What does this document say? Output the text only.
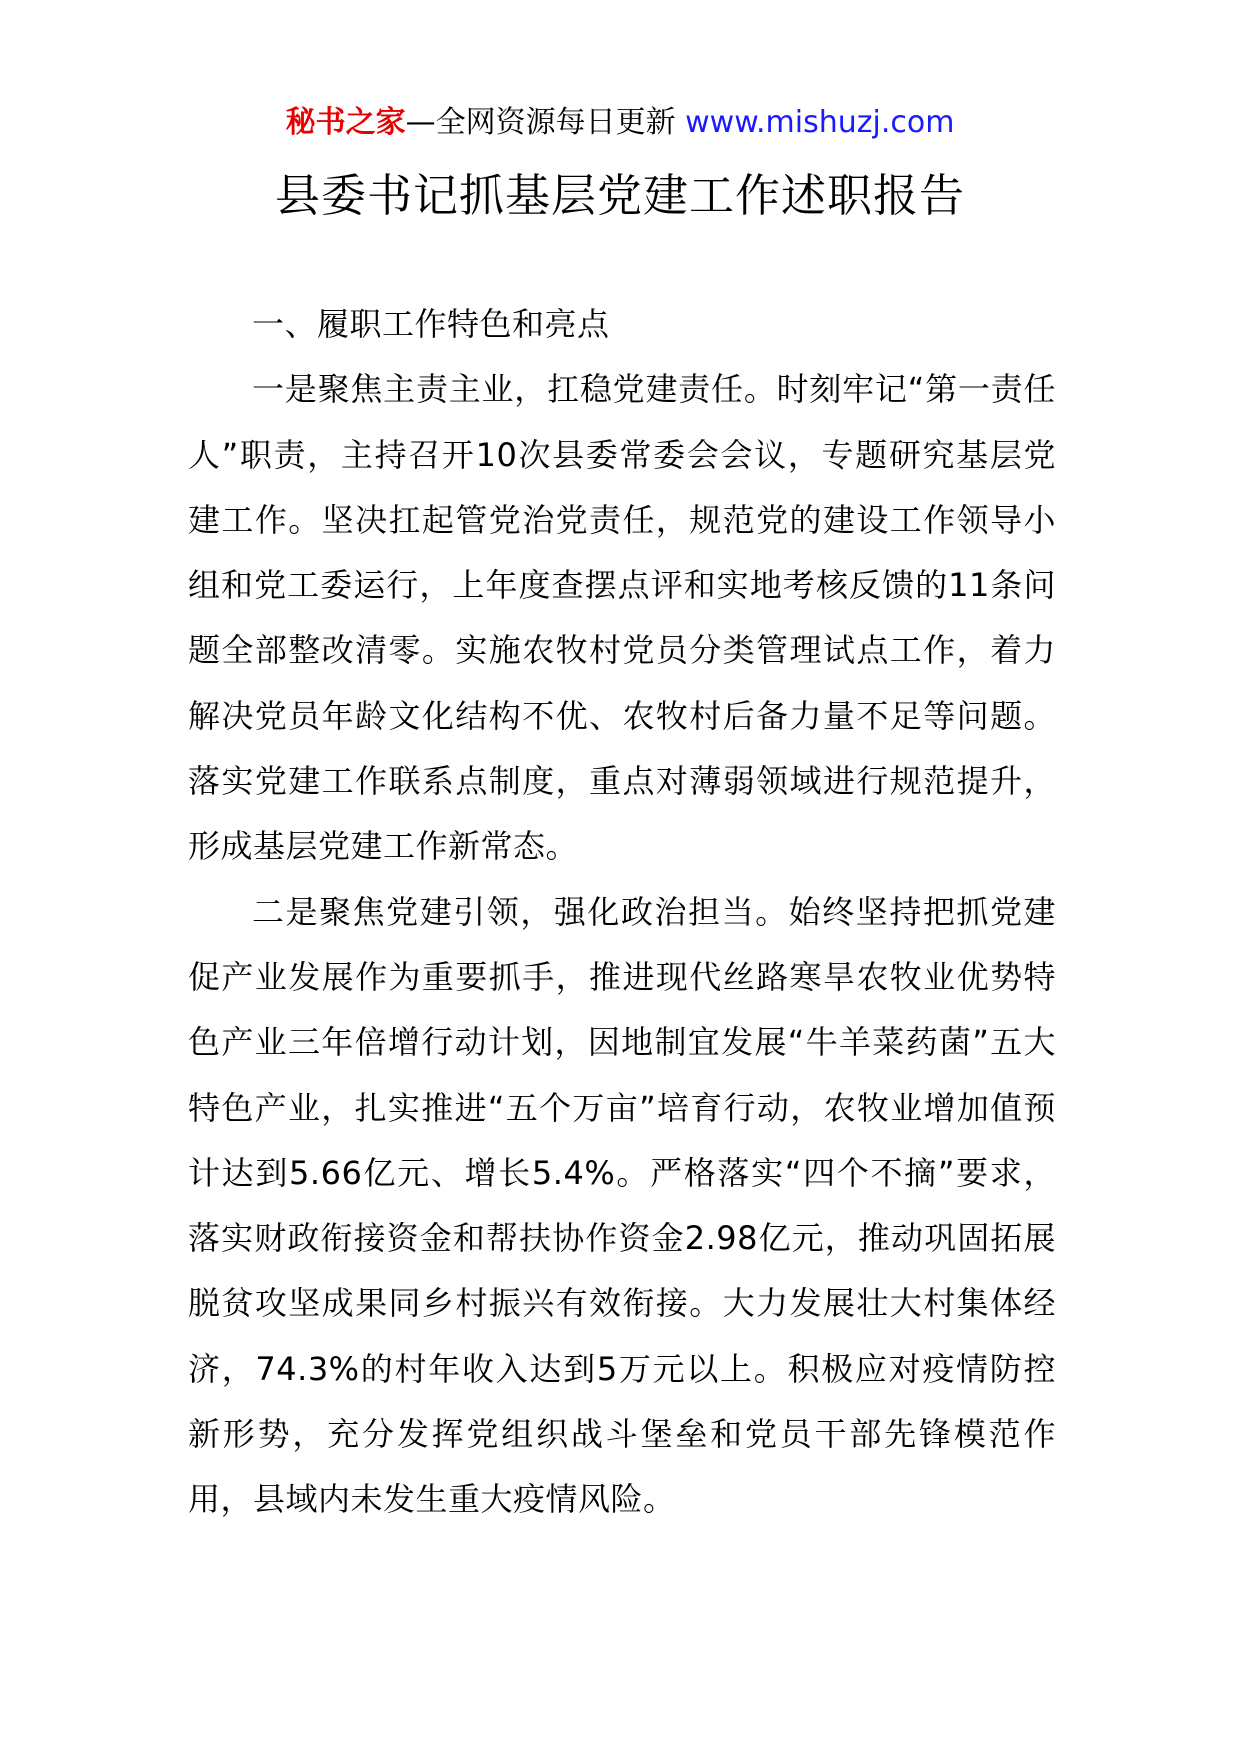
秘书之家—全网资源每日更新 www.mishuzj.com
县委书记抓基层党建工作述职报告

一、履职工作特色和亮点

一是聚焦主责主业，扛稳党建责任。时刻牢记“第一责任人”职责，主持召开10次县委常委会会议，专题研究基层党建工作。坚决扛起管党治党责任，规范党的建设工作领导小组和党工委运行，上年度查摆点评和实地考核反馈的11条问题全部整改清零。实施农牧村党员分类管理试点工作，着力解决党员年龄文化结构不优、农牧村后备力量不足等问题。落实党建工作联系点制度，重点对薄弱领域进行规范提升，形成基层党建工作新常态。

二是聚焦党建引领，强化政治担当。始终坚持把抓党建促产业发展作为重要抓手，推进现代丝路寒旱农牧业优势特色产业三年倍增行动计划，因地制宜发展“牛羊菜药菌”五大特色产业，扎实推进“五个万亩”培育行动，农牧业增加值预计达到5.66亿元、增长5.4%。严格落实“四个不摘”要求，落实财政衔接资金和帮扶协作资金2.98亿元，推动巩固拓展脱贫攻坚成果同乡村振兴有效衔接。大力发展壮大村集体经济，74.3%的村年收入达到5万元以上。积极应对疫情防控新形势，充分发挥党组织战斗堡垒和党员干部先锋模范作用，县域内未发生重大疫情风险。
